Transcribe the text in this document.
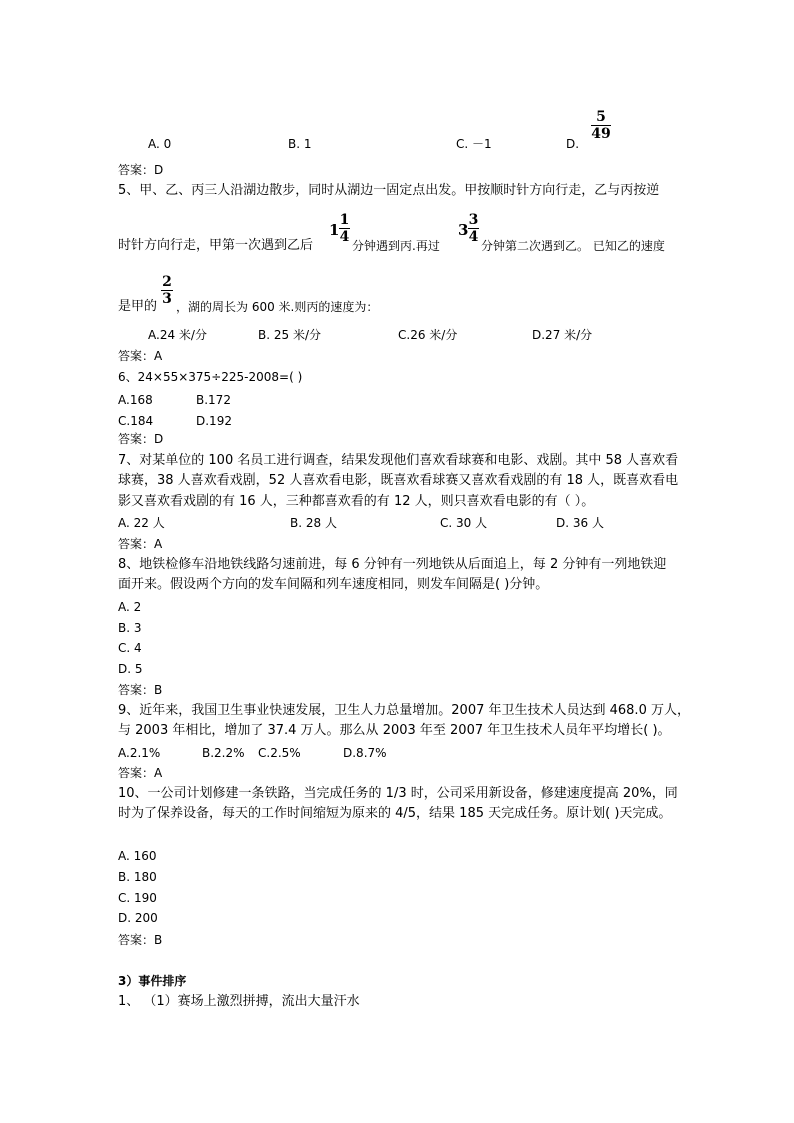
A. 0	B. 1	C. －1	D.
5
49
答案：D
5、甲、乙、丙三人沿湖边散步，同时从湖边一固定点出发。甲按顺时针方向行走，乙与丙按逆
时针方向行走，甲第一次遇到乙后
1
1
4
分钟遇到丙.再过
3
3
4
分钟第二次遇到乙。 已知乙的速度
是甲的
2
3 ，湖的周长为 600 米.则丙的速度为：
A.24 米/分	B. 25 米/分	C.26 米/分	D.27 米/分
答案：A
6、24×55×375÷225-2008=( )
A.168	B.172
C.184	D.192
答案：D
7、对某单位的 100 名员工进行调查，结果发现他们喜欢看球赛和电影、戏剧。其中 58 人喜欢看
球赛，38 人喜欢看戏剧，52 人喜欢看电影，既喜欢看球赛又喜欢看戏剧的有 18 人，既喜欢看电
影又喜欢看戏剧的有 16 人，三种都喜欢看的有 12 人，则只喜欢看电影的有（ ）。
A. 22 人	B. 28 人	C. 30 人	D. 36 人
答案：A
8、地铁检修车沿地铁线路匀速前进，每 6 分钟有一列地铁从后面追上，每 2 分钟有一列地铁迎
面开来。假设两个方向的发车间隔和列车速度相同，则发车间隔是( )分钟。
A. 2
B. 3
C. 4
D. 5
答案：B
9、近年来，我国卫生事业快速发展，卫生人力总量增加。2007 年卫生技术人员达到 468.0 万人，
与 2003 年相比，增加了 37.4 万人。那么从 2003 年至 2007 年卫生技术人员年平均增长( )。
A.2.1%	B.2.2% C.2.5%	D.8.7%
答案：A
10、一公司计划修建一条铁路，当完成任务的 1/3 时，公司采用新设备，修建速度提高 20%，同
时为了保养设备，每天的工作时间缩短为原来的 4/5，结果 185 天完成任务。原计划( )天完成。
A. 160
B. 180
C. 190
D. 200
答案：B
3）事件排序
1、 （1）赛场上激烈拼搏，流出大量汗水
